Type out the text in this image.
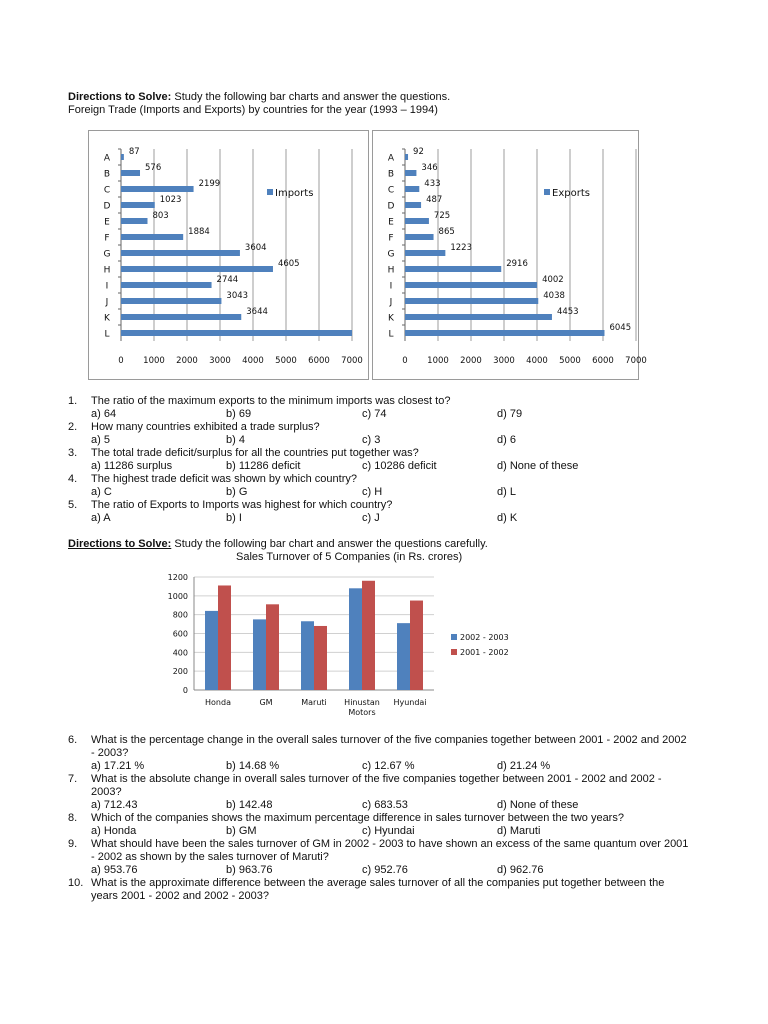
Directions to Solve: Study the following bar charts and answer the questions.
Foreign Trade (Imports and Exports) by countries for the year (1993 – 1994)
0 1000 2000 3000 4000 5000 6000 7000
A
87
B
576
C
2199
D
1023
E
803
F
1884
G
3604
H
4605
I
2744
J
3043
K
3644
L
Imports
0 1000 2000 3000 4000 5000 6000 7000
A
92
B
346
C
433
D
487
E
725
F
865
G
1223
H
2916
I
4002
J
4038
K
4453
L
6045
Exports
1. The ratio of the maximum exports to the minimum imports was closest to?
a) 64	b) 69	c) 74	d) 79
2. How many countries exhibited a trade surplus?
a) 5	b) 4	c) 3	d) 6
3. The total trade deficit/surplus for all the countries put together was?
a) 11286 surplus	b) 11286 deficit	c) 10286 deficit	d) None of these
4. The highest trade deficit was shown by which country?
a) C	b) G	c) H	d) L
5. The ratio of Exports to Imports was highest for which country?
a) A	b) I	c) J	d) K
Directions to Solve: Study the following bar chart and answer the questions carefully.
Sales Turnover of 5 Companies (in Rs. crores)
0
200
400
600
800
1000
1200
Honda	GM	Maruti Hinustan
Motors
Hyundai
2002 - 2003
2001 - 2002
6. What is the percentage change in the overall sales turnover of the five companies together between 2001 - 2002 and 2002 - 2003?
a) 17.21 %	b) 14.68 %	c) 12.67 %	d) 21.24 %
7. What is the absolute change in overall sales turnover of the five companies together between 2001 - 2002 and 2002 - 2003?
a) 712.43	b) 142.48	c) 683.53	d) None of these
8. Which of the companies shows the maximum percentage difference in sales turnover between the two years?
a) Honda	b) GM	c) Hyundai	d) Maruti
9. What should have been the sales turnover of GM in 2002 - 2003 to have shown an excess of the same quantum over 2001 - 2002 as shown by the sales turnover of Maruti?
a) 953.76	b) 963.76	c) 952.76	d) 962.76
10. What is the approximate difference between the average sales turnover of all the companies put together between the years 2001 - 2002 and 2002 - 2003?
